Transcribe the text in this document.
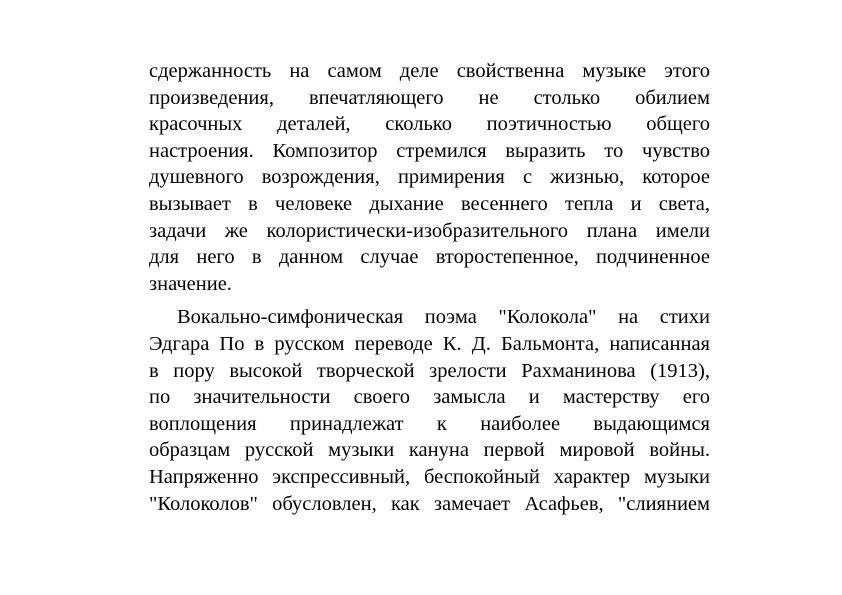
сдержанность на самом деле свойственна музыке этого
произведения, впечатляющего не столько обилием
красочных деталей, сколько поэтичностью общего
настроения. Композитор стремился выразить то чувство
душевного возрождения, примирения с жизнью, которое
вызывает в человеке дыхание весеннего тепла и света,
задачи же колористически-изобразительного плана имели
для него в данном случае второстепенное, подчиненное
значение.

Вокально-симфоническая поэма "Колокола" на стихи
Эдгара По в русском переводе К. Д. Бальмонта, написанная
в пору высокой творческой зрелости Рахманинова (1913),
по значительности своего замысла и мастерству его
воплощения принадлежат к наиболее выдающимся
образцам русской музыки кануна первой мировой войны.
Напряженно экспрессивный, беспокойный характер музыки
"Колоколов" обусловлен, как замечает Асафьев, "слиянием
